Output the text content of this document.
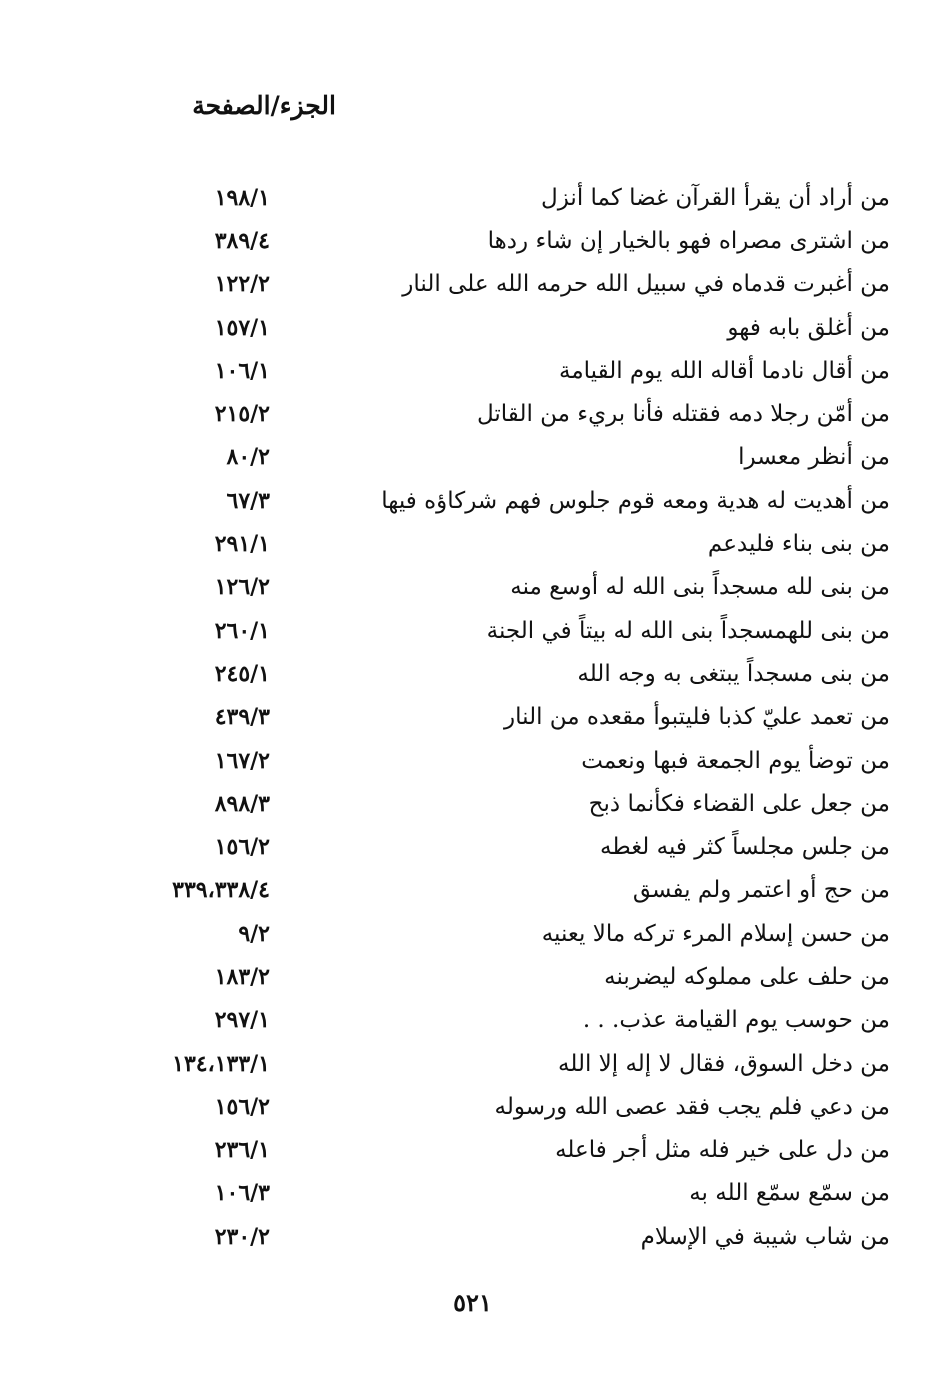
الجزء/الصفحة
من أراد أن يقرأ القرآن غضا كما أنزل
١٩٨/١
من اشترى مصراه فهو بالخيار إن شاء ردها
٣٨٩/٤
من أغبرت قدماه في سبيل الله حرمه الله على النار
١٢٢/٢
من أغلق بابه فهو
١٥٧/١
من أقال نادما أقاله الله يوم القيامة
١٠٦/١
من أمّن رجلا دمه فقتله فأنا بريء من القاتل
٢١٥/٢
من أنظر معسرا
٨٠/٢
من أهديت له هدية ومعه قوم جلوس فهم شركاؤه فيها
٦٧/٣
من بنى بناء فليدعم
٢٩١/١
من بنى لله مسجداً بنى الله له أوسع منه
١٢٦/٢
من بنى للهمسجداً بنى الله له بيتاً في الجنة
٢٦٠/١
من بنى مسجداً يبتغى به وجه الله
٢٤٥/١
من تعمد عليّ كذبا فليتبوأ مقعده من النار
٤٣٩/٣
من توضأ يوم الجمعة فبها ونعمت
١٦٧/٢
من جعل على القضاء فكأنما ذبح
٨٩٨/٣
من جلس مجلساً كثر فيه لغطه
١٥٦/٢
من حج أو اعتمر ولم يفسق
٣٣٩،٣٣٨/٤
من حسن إسلام المرء تركه مالا يعنيه
٩/٢
من حلف على مملوكه ليضربنه
١٨٣/٢
من حوسب يوم القيامة عذب. . .
٢٩٧/١
من دخل السوق، فقال لا إله إلا الله
١٣٤،١٣٣/١
من دعي فلم يجب فقد عصى الله ورسوله
١٥٦/٢
من دل على خير فله مثل أجر فاعله
٢٣٦/١
من سمّع سمّع الله به
١٠٦/٣
من شاب شيبة في الإسلام
٢٣٠/٢
٥٢١
